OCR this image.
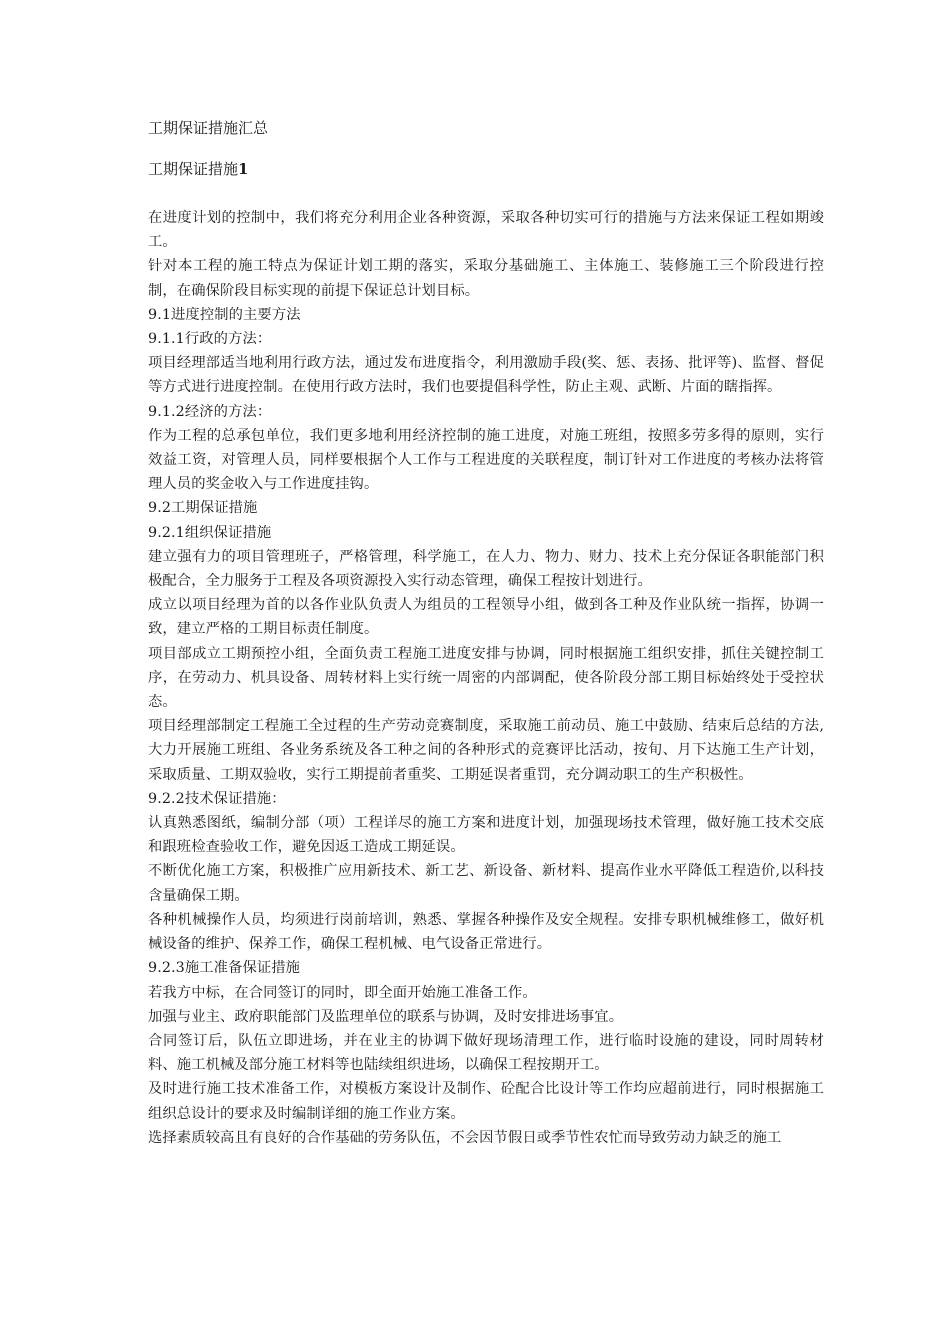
工期保证措施汇总
工期保证措施1

在进度计划的控制中，我们将充分利用企业各种资源，采取各种切实可行的措施与方法来保证工程如期竣工。

针对本工程的施工特点为保证计划工期的落实，采取分基础施工、主体施工、装修施工三个阶段进行控制，在确保阶段目标实现的前提下保证总计划目标。

9.1进度控制的主要方法

9.1.1行政的方法：

项目经理部适当地利用行政方法，通过发布进度指令，利用激励手段(奖、惩、表扬、批评等)、监督、督促等方式进行进度控制。在使用行政方法时，我们也要提倡科学性，防止主观、武断、片面的瞎指挥。

9.1.2经济的方法：

作为工程的总承包单位，我们更多地利用经济控制的施工进度，对施工班组，按照多劳多得的原则，实行效益工资，对管理人员，同样要根据个人工作与工程进度的关联程度，制订针对工作进度的考核办法将管理人员的奖金收入与工作进度挂钩。

9.2工期保证措施

9.2.1组织保证措施

建立强有力的项目管理班子，严格管理，科学施工，在人力、物力、财力、技术上充分保证各职能部门积极配合，全力服务于工程及各项资源投入实行动态管理，确保工程按计划进行。

成立以项目经理为首的以各作业队负责人为组员的工程领导小组，做到各工种及作业队统一指挥，协调一致，建立严格的工期目标责任制度。

项目部成立工期预控小组，全面负责工程施工进度安排与协调，同时根据施工组织安排，抓住关键控制工序，在劳动力、机具设备、周转材料上实行统一周密的内部调配，使各阶段分部工期目标始终处于受控状态。

项目经理部制定工程施工全过程的生产劳动竞赛制度，采取施工前动员、施工中鼓励、结束后总结的方法,大力开展施工班组、各业务系统及各工种之间的各种形式的竞赛评比活动，按旬、月下达施工生产计划，采取质量、工期双验收，实行工期提前者重奖、工期延误者重罚，充分调动职工的生产积极性。

9.2.2技术保证措施：

认真熟悉图纸，编制分部（项）工程详尽的施工方案和进度计划，加强现场技术管理，做好施工技术交底和跟班检查验收工作，避免因返工造成工期延误。

不断优化施工方案，积极推广应用新技术、新工艺、新设备、新材料、提高作业水平降低工程造价,以科技含量确保工期。

各种机械操作人员，均须进行岗前培训，熟悉、掌握各种操作及安全规程。安排专职机械维修工，做好机械设备的维护、保养工作，确保工程机械、电气设备正常进行。

9.2.3施工准备保证措施

若我方中标，在合同签订的同时，即全面开始施工准备工作。

加强与业主、政府职能部门及监理单位的联系与协调，及时安排进场事宜。

合同签订后，队伍立即进场，并在业主的协调下做好现场清理工作，进行临时设施的建设，同时周转材料、施工机械及部分施工材料等也陆续组织进场，以确保工程按期开工。

及时进行施工技术准备工作，对模板方案设计及制作、砼配合比设计等工作均应超前进行，同时根据施工组织总设计的要求及时编制详细的施工作业方案。

选择素质较高且有良好的合作基础的劳务队伍，不会因节假日或季节性农忙而导致劳动力缺乏的施工
